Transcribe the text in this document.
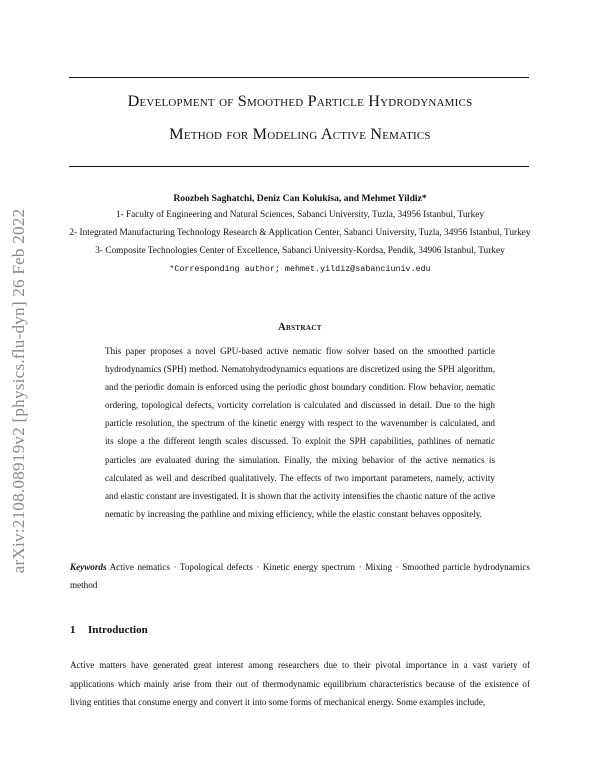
arXiv:2108.08919v2 [physics.flu-dyn] 26 Feb 2022
Development of Smoothed Particle Hydrodynamics
Method for Modeling Active Nematics
Roozbeh Saghatchi, Deniz Can Kolukisa, and Mehmet Yildiz*
1- Faculty of Engineering and Natural Sciences, Sabanci University, Tuzla, 34956 Istanbul, Turkey
2- Integrated Manufacturing Technology Research & Application Center, Sabanci University, Tuzla, 34956 Istanbul, Turkey
3- Composite Technologies Center of Excellence, Sabanci University-Kordsa, Pendik, 34906 Istanbul, Turkey
*Corresponding author; mehmet.yildiz@sabanciuniv.edu
Abstract
This paper proposes a novel GPU-based active nematic flow solver based on the smoothed particle hydrodynamics (SPH) method. Nematohydrodynamics equations are discretized using the SPH algorithm, and the periodic domain is enforced using the periodic ghost boundary condition. Flow behavior, nematic ordering, topological defects, vorticity correlation is calculated and discussed in detail. Due to the high particle resolution, the spectrum of the kinetic energy with respect to the wavenumber is calculated, and its slope a the different length scales discussed. To exploit the SPH capabilities, pathlines of nematic particles are evaluated during the simulation. Finally, the mixing behavior of the active nematics is calculated as well and described qualitatively. The effects of two important parameters, namely, activity and elastic constant are investigated. It is shown that the activity intensifies the chaotic nature of the active nematic by increasing the pathline and mixing efficiency, while the elastic constant behaves oppositely.
Keywords Active nematics · Topological defects · Kinetic energy spectrum · Mixing · Smoothed particle hydrodynamics method
1 Introduction
Active matters have generated great interest among researchers due to their pivotal importance in a vast variety of applications which mainly arise from their out of thermodynamic equilibrium characteristics because of the existence of living entities that consume energy and convert it into some forms of mechanical energy. Some examples include,
